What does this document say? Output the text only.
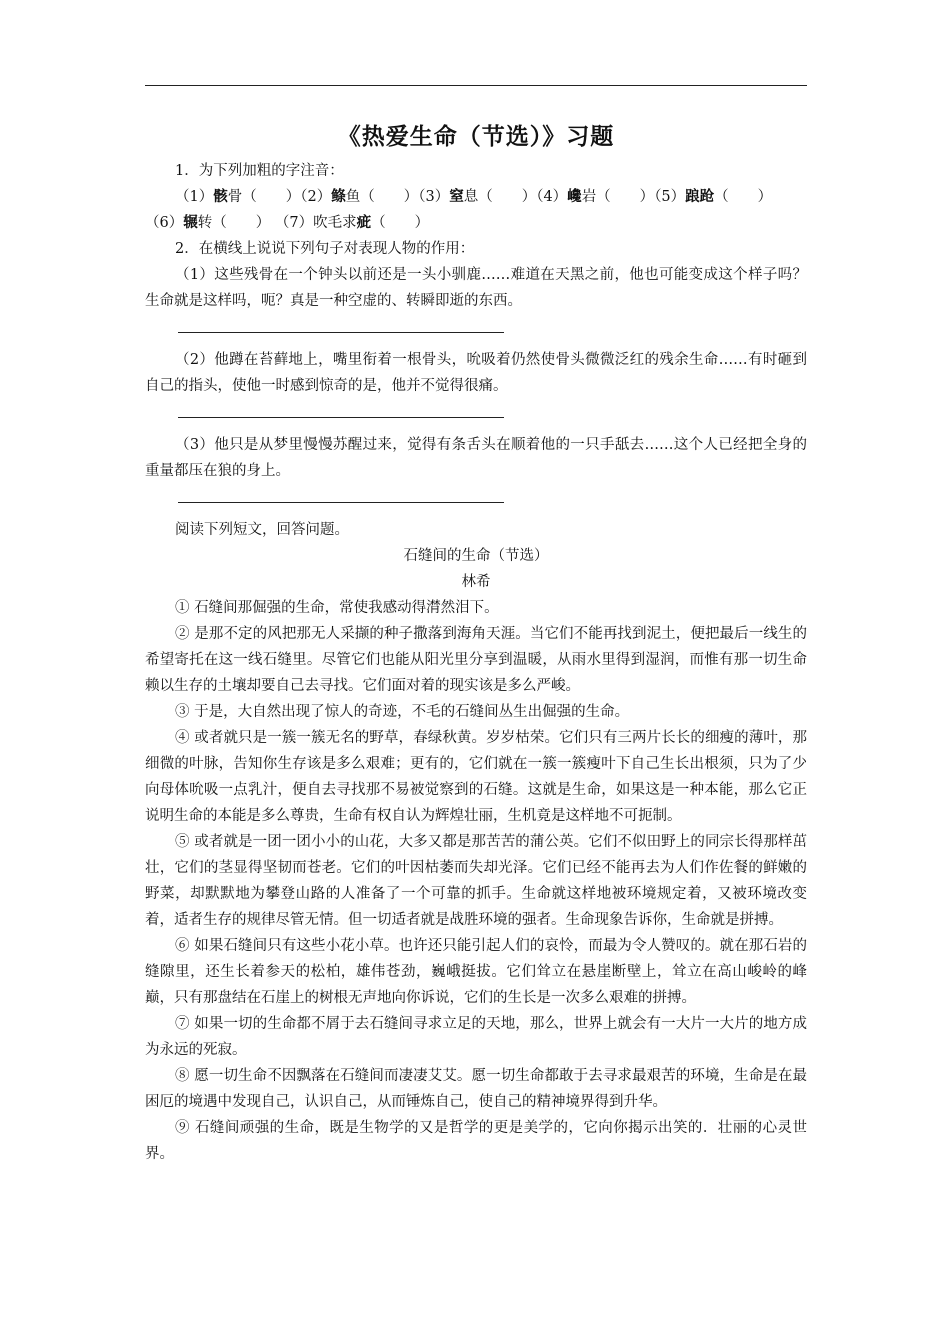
《热爱生命（节选）》习题

1．为下列加粗的字注音：

（1）骸骨（　　）（2）鲦鱼（　　）（3）窒息（　　）（4）巉岩（　　）（5）踉跄（　　）

（6）辗转（　　） （7）吹毛求疵（　　）

2．在横线上说说下列句子对表现人物的作用：

（1）这些残骨在一个钟头以前还是一头小驯鹿……难道在天黑之前，他也可能变成这个样子吗？生命就是这样吗，呃？真是一种空虚的、转瞬即逝的东西。

（2）他蹲在苔藓地上，嘴里衔着一根骨头，吮吸着仍然使骨头微微泛红的残余生命……有时砸到自己的指头，使他一时感到惊奇的是，他并不觉得很痛。

（3）他只是从梦里慢慢苏醒过来，觉得有条舌头在顺着他的一只手舐去……这个人已经把全身的重量都压在狼的身上。

阅读下列短文，回答问题。

石缝间的生命（节选）

林希

① 石缝间那倔强的生命，常使我感动得潸然泪下。

② 是那不定的风把那无人采撷的种子撒落到海角天涯。当它们不能再找到泥土，便把最后一线生的希望寄托在这一线石缝里。尽管它们也能从阳光里分享到温暖，从雨水里得到湿润，而惟有那一切生命赖以生存的土壤却要自己去寻找。它们面对着的现实该是多么严峻。

③ 于是，大自然出现了惊人的奇迹，不毛的石缝间丛生出倔强的生命。

④ 或者就只是一簇一簇无名的野草，春绿秋黄。岁岁枯荣。它们只有三两片长长的细瘦的薄叶，那细微的叶脉，告知你生存该是多么艰难；更有的，它们就在一簇一簇瘦叶下自己生长出根须，只为了少向母体吮吸一点乳汁，便自去寻找那不易被觉察到的石缝。这就是生命，如果这是一种本能，那么它正说明生命的本能是多么尊贵，生命有权自认为辉煌壮丽，生机竟是这样地不可扼制。

⑤ 或者就是一团一团小小的山花，大多又都是那苦苦的蒲公英。它们不似田野上的同宗长得那样茁壮，它们的茎显得坚韧而苍老。它们的叶因枯萎而失却光泽。它们已经不能再去为人们作佐餐的鲜嫩的野菜，却默默地为攀登山路的人准备了一个可靠的抓手。生命就这样地被环境规定着，又被环境改变着，适者生存的规律尽管无情。但一切适者就是战胜环境的强者。生命现象告诉你，生命就是拼搏。

⑥ 如果石缝间只有这些小花小草。也许还只能引起人们的哀怜，而最为令人赞叹的。就在那石岩的缝隙里，还生长着参天的松柏，雄伟苍劲，巍峨挺拔。它们耸立在悬崖断壁上，耸立在高山峻岭的峰巅，只有那盘结在石崖上的树根无声地向你诉说，它们的生长是一次多么艰难的拼搏。

⑦ 如果一切的生命都不屑于去石缝间寻求立足的天地，那么，世界上就会有一大片一大片的地方成为永远的死寂。

⑧ 愿一切生命不因飘落在石缝间而凄凄艾艾。愿一切生命都敢于去寻求最艰苦的环境，生命是在最困厄的境遇中发现自己，认识自己，从而锤炼自己，使自己的精神境界得到升华。

⑨ 石缝间顽强的生命，既是生物学的又是哲学的更是美学的，它向你揭示出笑的．壮丽的心灵世界。
